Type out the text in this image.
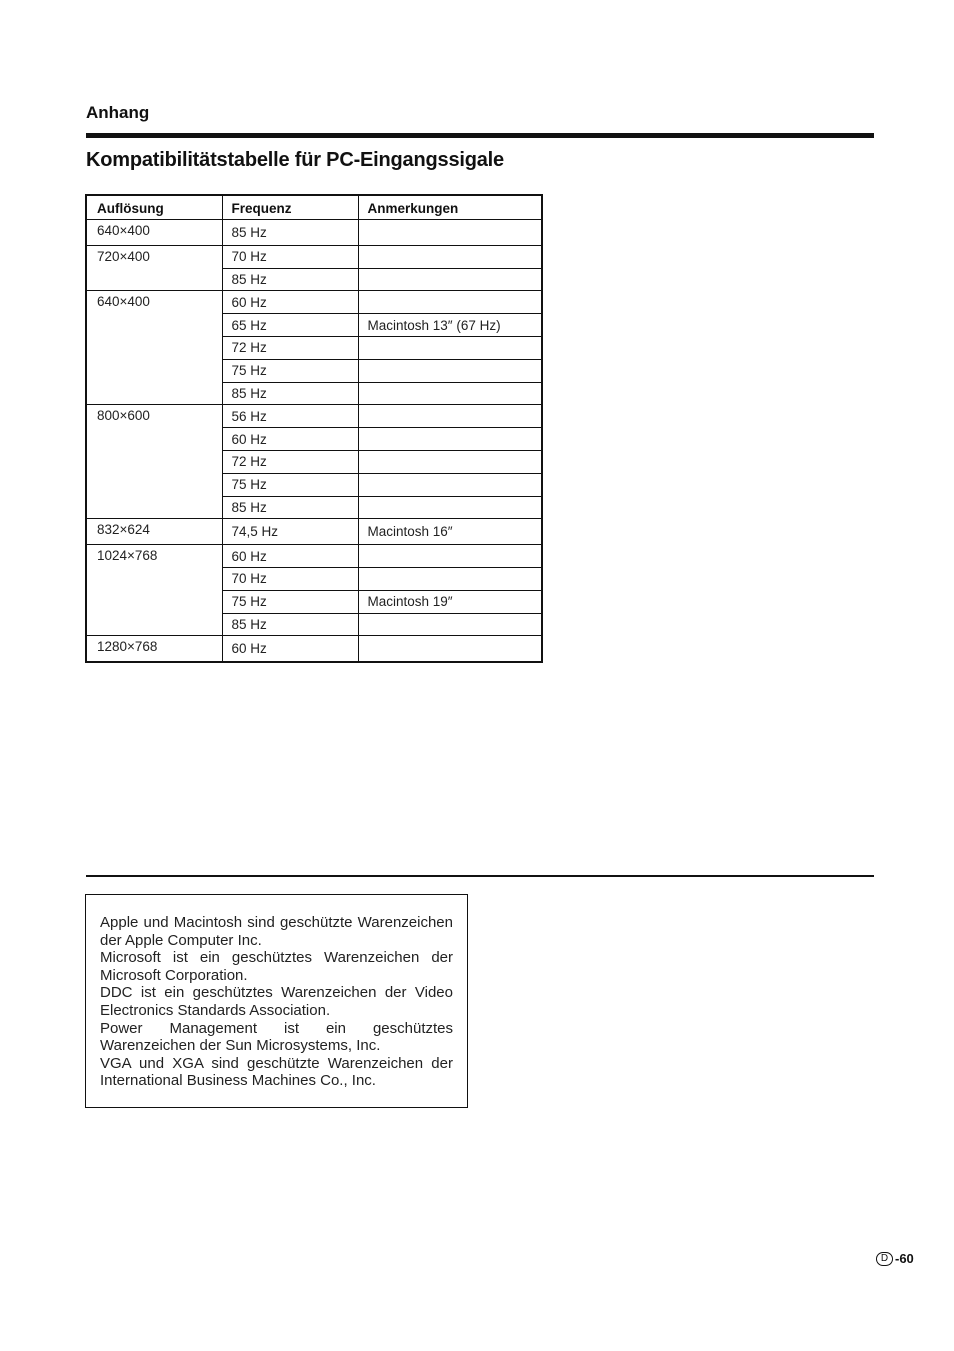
Anhang
Kompatibilitätstabelle für PC-Eingangssigale
Auflösung	Frequenz	Anmerkungen
640×400	85 Hz	
720×400	70 Hz	
	85 Hz	
640×400	60 Hz	
	65 Hz	Macintosh 13″ (67 Hz)
	72 Hz	
	75 Hz	
	85 Hz	
800×600	56 Hz	
	60 Hz	
	72 Hz	
	75 Hz	
	85 Hz	
832×624	74,5 Hz	Macintosh 16″
1024×768	60 Hz	
	70 Hz	
	75 Hz	Macintosh 19″
	85 Hz	
1280×768	60 Hz	

Apple und Macintosh sind geschützte Warenzeichen der Apple Computer Inc.

Microsoft ist ein geschütztes Warenzeichen der Microsoft Corporation.

DDC ist ein geschütztes Warenzeichen der Video Electronics Standards Association.

Power Management ist ein geschütztes Warenzeichen der Sun Microsystems, Inc.

VGA und XGA sind geschützte Warenzeichen der International Business Machines Co., Inc.

D -60
